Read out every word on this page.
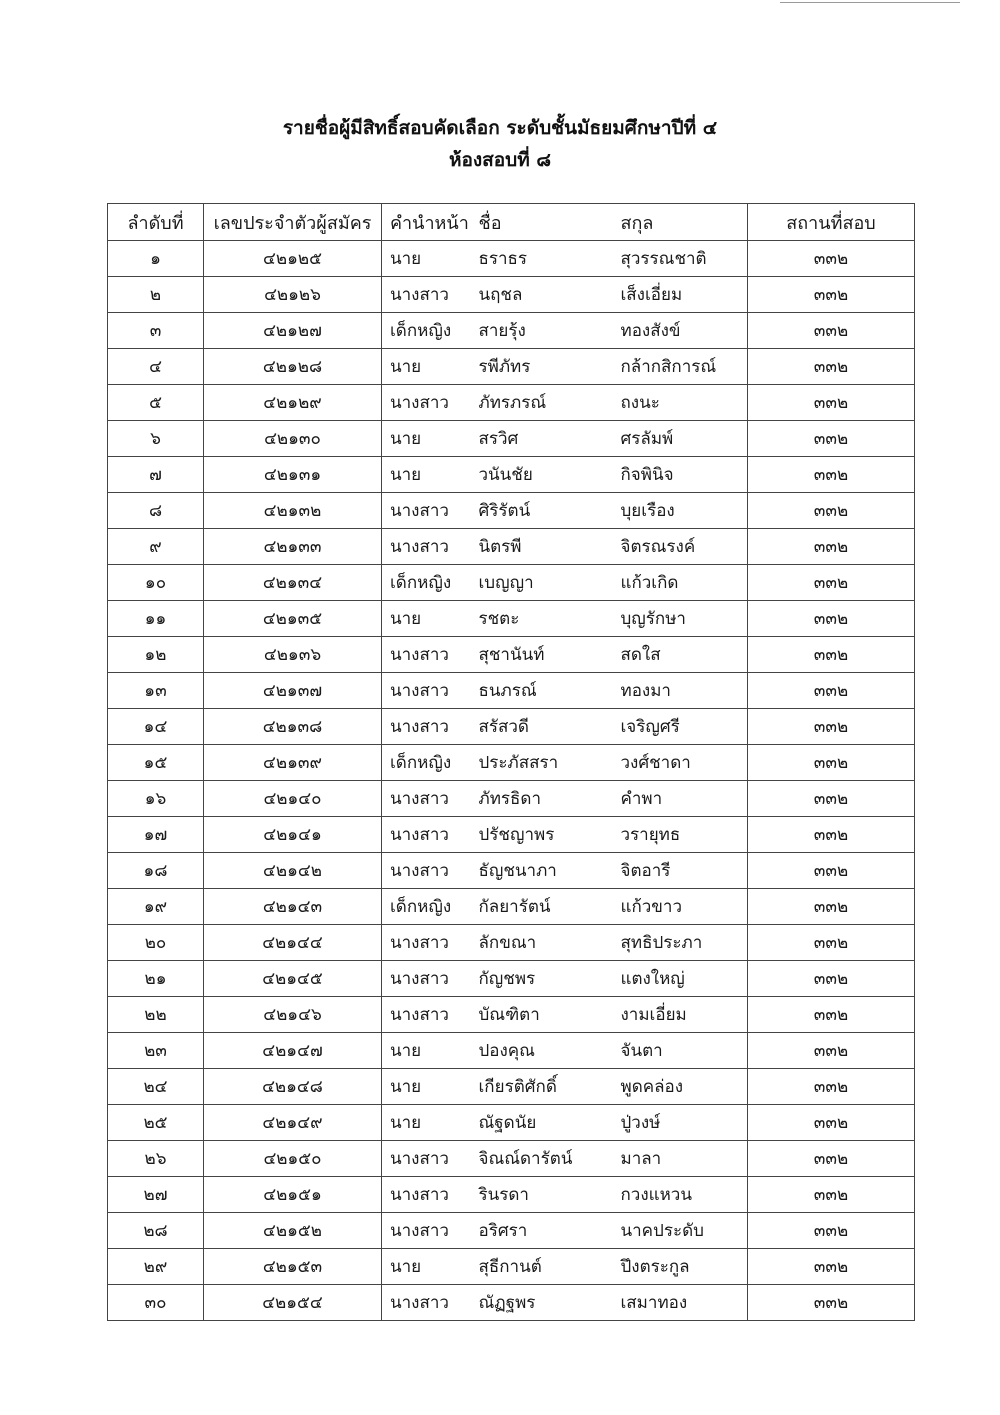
รายชื่อผู้มีสิทธิ์สอบคัดเลือก ระดับชั้นมัธยมศึกษาปีที่ ๔
ห้องสอบที่ ๘
ลำดับที่	เลขประจำตัวผู้สมัคร	คำนำหน้า	ชื่อ	สกุล	สถานที่สอบ
๑	๔๒๑๒๕	นาย	ธราธร	สุวรรณชาติ	๓๓๒
๒	๔๒๑๒๖	นางสาว	นฤชล	เส็งเอี่ยม	๓๓๒
๓	๔๒๑๒๗	เด็กหญิง	สายรุ้ง	ทองสังข์	๓๓๒
๔	๔๒๑๒๘	นาย	รพีภัทร	กล้ากสิการณ์	๓๓๒
๕	๔๒๑๒๙	นางสาว	ภัทรภรณ์	ถงนะ	๓๓๒
๖	๔๒๑๓๐	นาย	สรวิศ	ศรลัมพ์	๓๓๒
๗	๔๒๑๓๑	นาย	วนันชัย	กิจพินิจ	๓๓๒
๘	๔๒๑๓๒	นางสาว	ศิริรัตน์	บุยเรือง	๓๓๒
๙	๔๒๑๓๓	นางสาว	นิตรพี	จิตรณรงค์	๓๓๒
๑๐	๔๒๑๓๔	เด็กหญิง	เบญญา	แก้วเกิด	๓๓๒
๑๑	๔๒๑๓๕	นาย	รชตะ	บุญรักษา	๓๓๒
๑๒	๔๒๑๓๖	นางสาว	สุชานันท์	สดใส	๓๓๒
๑๓	๔๒๑๓๗	นางสาว	ธนภรณ์	ทองมา	๓๓๒
๑๔	๔๒๑๓๘	นางสาว	สรัสวดี	เจริญศรี	๓๓๒
๑๕	๔๒๑๓๙	เด็กหญิง	ประภัสสรา	วงศ์ชาดา	๓๓๒
๑๖	๔๒๑๔๐	นางสาว	ภัทรธิดา	คำพา	๓๓๒
๑๗	๔๒๑๔๑	นางสาว	ปรัชญาพร	วรายุทธ	๓๓๒
๑๘	๔๒๑๔๒	นางสาว	ธัญชนาภา	จิตอารี	๓๓๒
๑๙	๔๒๑๔๓	เด็กหญิง	กัลยารัตน์	แก้วขาว	๓๓๒
๒๐	๔๒๑๔๔	นางสาว	ลักขณา	สุทธิประภา	๓๓๒
๒๑	๔๒๑๔๕	นางสาว	กัญชพร	แตงใหญ่	๓๓๒
๒๒	๔๒๑๔๖	นางสาว	บัณฑิตา	งามเอี่ยม	๓๓๒
๒๓	๔๒๑๔๗	นาย	ปองคุณ	จันตา	๓๓๒
๒๔	๔๒๑๔๘	นาย	เกียรติศักดิ์	พูดคล่อง	๓๓๒
๒๕	๔๒๑๔๙	นาย	ณัฐดนัย	ปู่วงษ์	๓๓๒
๒๖	๔๒๑๕๐	นางสาว	จิณณ์ดารัตน์	มาลา	๓๓๒
๒๗	๔๒๑๕๑	นางสาว	รินรดา	กวงแหวน	๓๓๒
๒๘	๔๒๑๕๒	นางสาว	อริศรา	นาคประดับ	๓๓๒
๒๙	๔๒๑๕๓	นาย	สุธีกานต์	ปึงตระกูล	๓๓๒
๓๐	๔๒๑๕๔	นางสาว	ณัฏฐพร	เสมาทอง	๓๓๒
